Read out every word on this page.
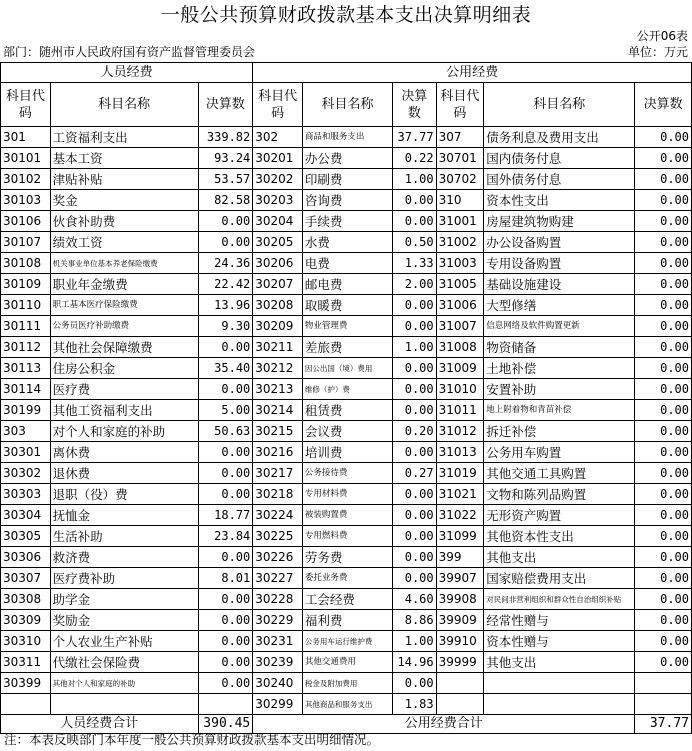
一般公共预算财政拨款基本支出决算明细表
公开06表
部门：随州市人民政府国有资产监督管理委员会	单位：万元
人员经费			公用经费					
科目代码	科目名称	决算数	科目代码	科目名称	决算数	科目代码	科目名称	决算数
301	工资福利支出	339.82	302	商品和服务支出	37.77	307	债务利息及费用支出	0.00
30101	基本工资	93.24	30201	办公费	0.22	30701	国内债务付息	0.00
30102	津贴补贴	53.57	30202	印刷费	1.00	30702	国外债务付息	0.00
30103	奖金	82.58	30203	咨询费	0.00	310	资本性支出	0.00
30106	伙食补助费	0.00	30204	手续费	0.00	31001	房屋建筑物购建	0.00
30107	绩效工资	0.00	30205	水费	0.50	31002	办公设备购置	0.00
30108	机关事业单位基本养老保险缴费	24.36	30206	电费	1.33	31003	专用设备购置	0.00
30109	职业年金缴费	22.42	30207	邮电费	2.00	31005	基础设施建设	0.00
30110	职工基本医疗保险缴费	13.96	30208	取暖费	0.00	31006	大型修缮	0.00
30111	公务员医疗补助缴费	9.30	30209	物业管理费	0.00	31007	信息网络及软件购置更新	0.00
30112	其他社会保障缴费	0.00	30211	差旅费	1.00	31008	物资储备	0.00
30113	住房公积金	35.40	30212	因公出国（境）费用	0.00	31009	土地补偿	0.00
30114	医疗费	0.00	30213	维修（护）费	0.00	31010	安置补助	0.00
30199	其他工资福利支出	5.00	30214	租赁费	0.00	31011	地上附着物和青苗补偿	0.00
303	对个人和家庭的补助	50.63	30215	会议费	0.20	31012	拆迁补偿	0.00
30301	离休费	0.00	30216	培训费	0.00	31013	公务用车购置	0.00
30302	退休费	0.00	30217	公务接待费	0.27	31019	其他交通工具购置	0.00
30303	退职（役）费	0.00	30218	专用材料费	0.00	31021	文物和陈列品购置	0.00
30304	抚恤金	18.77	30224	被装购置费	0.00	31022	无形资产购置	0.00
30305	生活补助	23.84	30225	专用燃料费	0.00	31099	其他资本性支出	0.00
30306	救济费	0.00	30226	劳务费	0.00	399	其他支出	0.00
30307	医疗费补助	8.01	30227	委托业务费	0.00	39907	国家赔偿费用支出	0.00
30308	助学金	0.00	30228	工会经费	4.60	39908	对民间非营利组织和群众性自治组织补贴	0.00
30309	奖励金	0.00	30229	福利费	8.86	39909	经常性赠与	0.00
30310	个人农业生产补贴	0.00	30231	公务用车运行维护费	1.00	39910	资本性赠与	0.00
30311	代缴社会保险费	0.00	30239	其他交通费用	14.96	39999	其他支出	0.00
30399	其他对个人和家庭的补助	0.00	30240	税金及附加费用	0.00			
			30299	其他商品和服务支出	1.83			
人员经费合计		390.45	公用经费合计					37.77
注：本表反映部门本年度一般公共预算财政拨款基本支出明细情况。
